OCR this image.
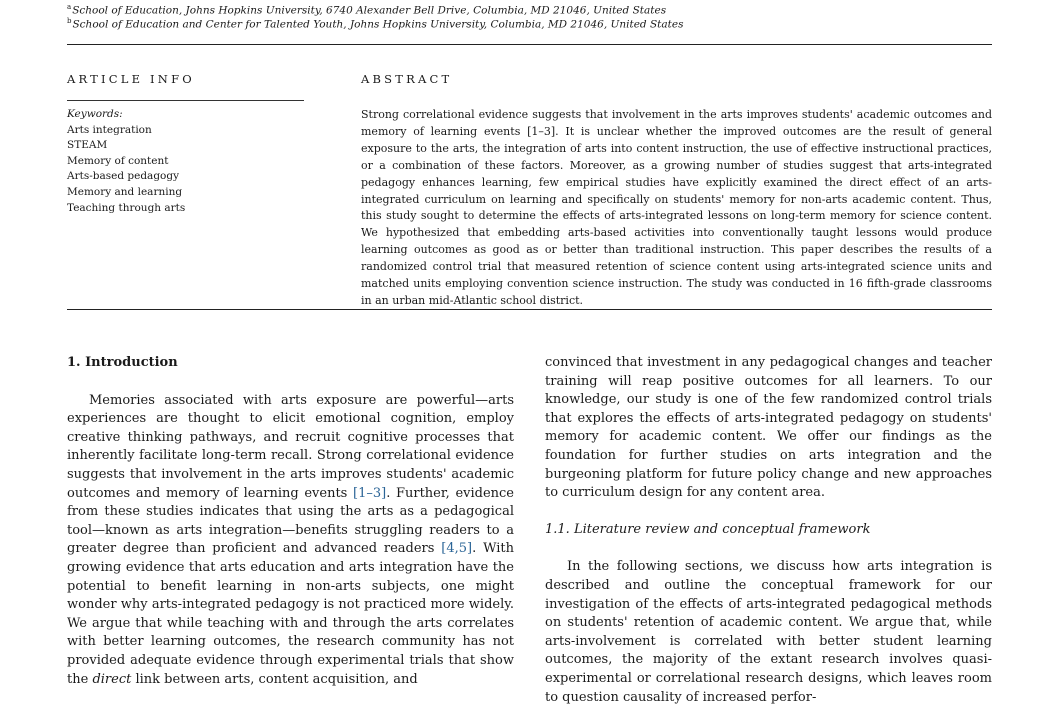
$^a$School of Education, Johns Hopkins University, 6740 Alexander Bell Drive, Columbia, MD 21046, United States
$^b$School of Education and Center for Talented Youth, Johns Hopkins University, Columbia, MD 21046, United States
ARTICLE INFO	ABSTRACT
Keywords:
Arts integration
STEAM
Memory of content
Arts-based pedagogy
Memory and learning
Teaching through arts

Strong correlational evidence suggests that involvement in the arts improves students' academic outcomes and memory of learning events [1–3]. It is unclear whether the improved outcomes are the result of general exposure to the arts, the integration of arts into content instruction, the use of effective instructional practices, or a combination of these factors. Moreover, as a growing number of studies suggest that arts-integrated pedagogy enhances learning, few empirical studies have explicitly examined the direct effect of an arts-integrated curriculum on learning and specifically on students' memory for non-arts academic content. Thus, this study sought to determine the effects of arts-integrated lessons on long-term memory for science content. We hypothesized that embedding arts-based activities into conventionally taught lessons would produce learning outcomes as good as or better than traditional instruction. This paper describes the results of a randomized control trial that measured retention of science content using arts-integrated science units and matched units employing convention science instruction. The study was conducted in 16 fifth-grade classrooms in an urban mid-Atlantic school district.

1. Introduction

Memories associated with arts exposure are powerful—arts experiences are thought to elicit emotional cognition, employ creative thinking pathways, and recruit cognitive processes that inherently facilitate long-term recall. Strong correlational evidence suggests that involvement in the arts improves students' academic outcomes and memory of learning events [1–3]. Further, evidence from these studies indicates that using the arts as a pedagogical tool—known as arts integration—benefits struggling readers to a greater degree than proficient and advanced readers [4,5]. With growing evidence that arts education and arts integration have the potential to benefit learning in non-arts subjects, one might wonder why arts-integrated pedagogy is not practiced more widely. We argue that while teaching with and through the arts correlates with better learning outcomes, the research community has not provided adequate evidence through experimental trials that show the direct link between arts, content acquisition, and

convinced that investment in any pedagogical changes and teacher training will reap positive outcomes for all learners. To our knowledge, our study is one of the few randomized control trials that explores the effects of arts-integrated pedagogy on students' memory for academic content. We offer our findings as the foundation for further studies on arts integration and the burgeoning platform for future policy change and new approaches to curriculum design for any content area.

1.1. Literature review and conceptual framework

In the following sections, we discuss how arts integration is described and outline the conceptual framework for our investigation of the effects of arts-integrated pedagogical methods on students' retention of academic content. We argue that, while arts-involvement is correlated with better student learning outcomes, the majority of the extant research involves quasi-experimental or correlational research designs, which leaves room to question causality of increased perfor-
